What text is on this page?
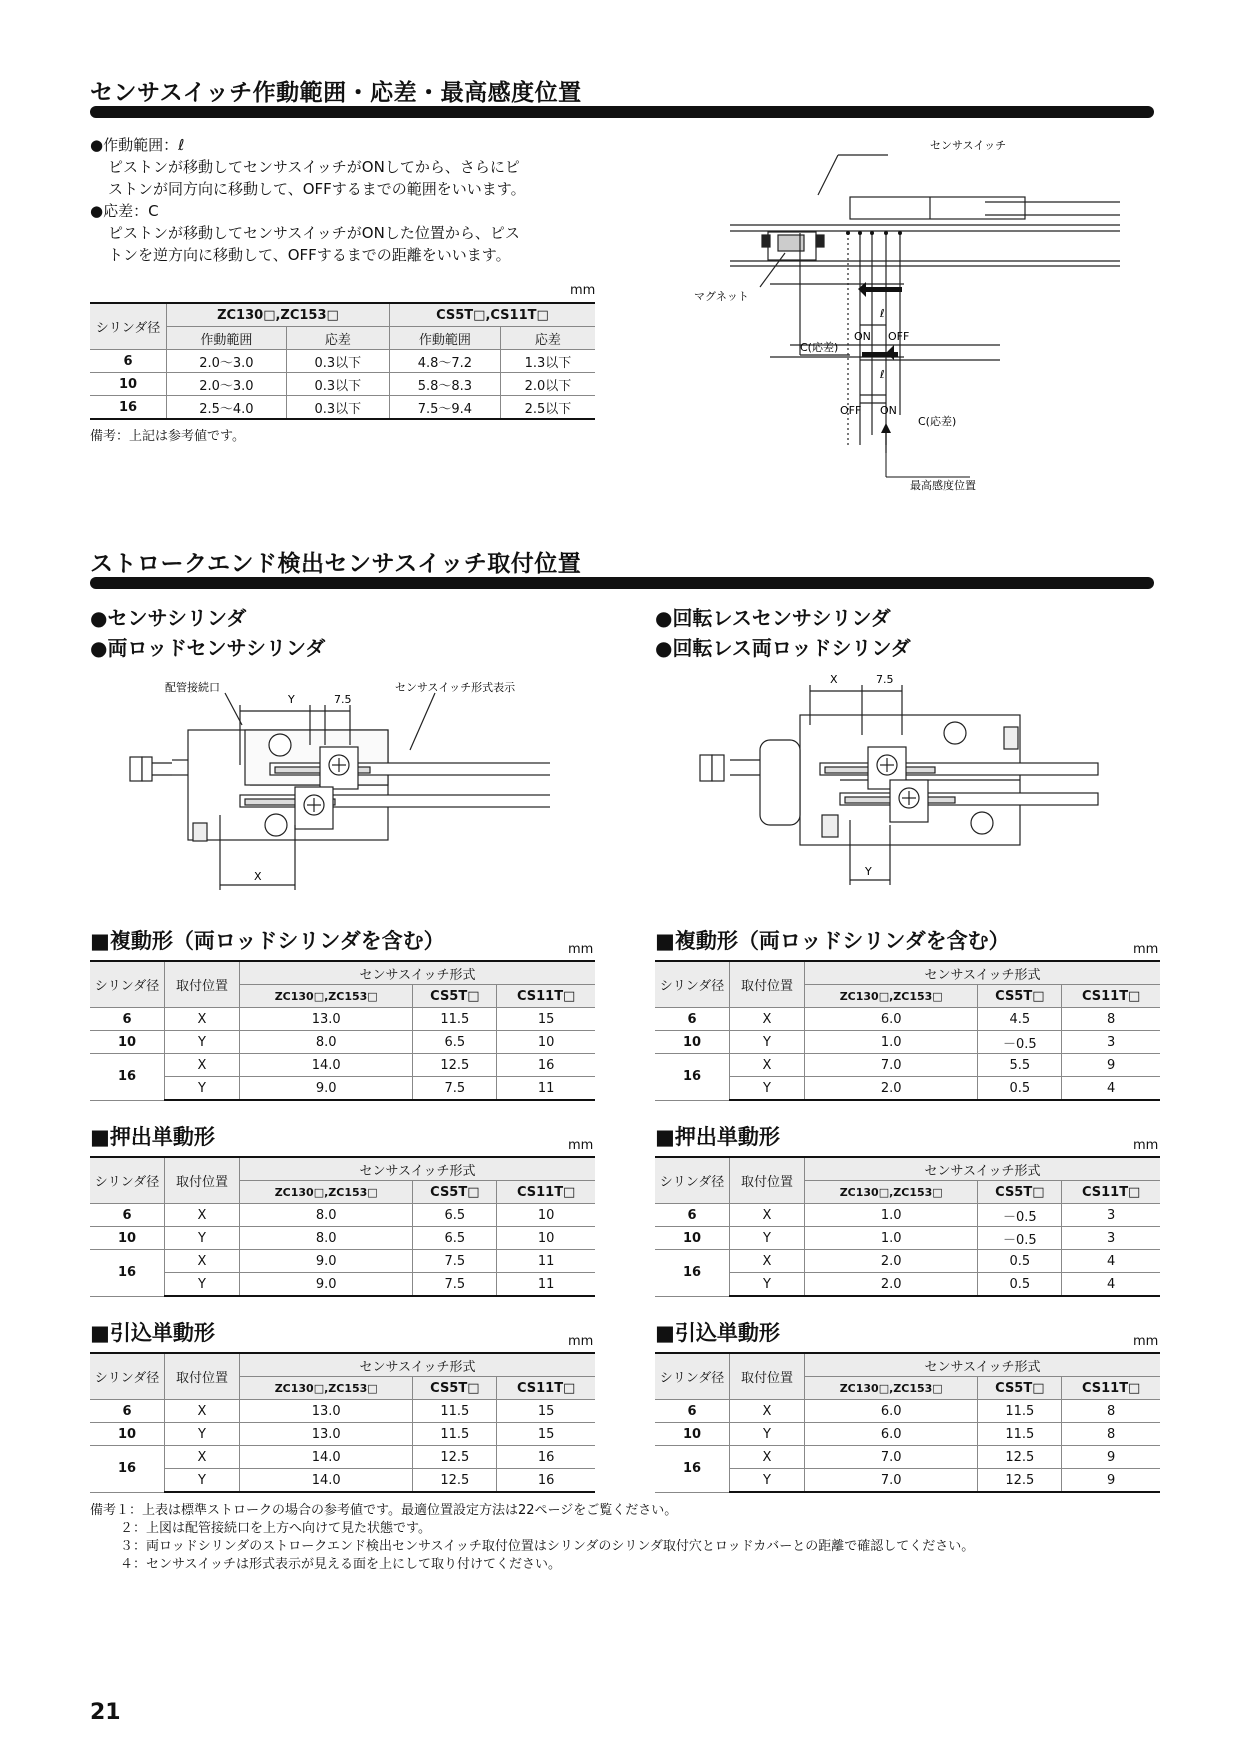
センサスイッチ作動範囲・応差・最高感度位置
●作動範囲：ℓ
ピストンが移動してセンサスイッチがONしてから、さらにピ
ストンが同方向に移動して、OFFするまでの範囲をいいます。
●応差：C
ピストンが移動してセンサスイッチがONした位置から、ピス
トンを逆方向に移動して、OFFするまでの距離をいいます。
mm
シリンダ径	ZC130□,ZC153□		CS5T□,CS11T□	
	作動範囲	応差	作動範囲	応差
6	2.0～3.0	0.3以下	4.8～7.2	1.3以下
10	2.0～3.0	0.3以下	5.8～8.3	2.0以下
16	2.5～4.0	0.3以下	7.5～9.4	2.5以下
備考：上記は参考値です。
センサスイッチ
マグネット
ℓ
ON OFF
C(応差)
ℓ
OFF ON
C(応差)
最高感度位置
ストロークエンド検出センサスイッチ取付位置
●センサシリンダ
●両ロッドセンサシリンダ
●回転レスセンサシリンダ
●回転レス両ロッドシリンダ
配管接続口	センサスイッチ形式表示
Y	7.5
X
X	7.5
Y
■複動形（両ロッドシリンダを含む）	mm
シリンダ径	取付位置	センサスイッチ形式		
		ZC130□,ZC153□	CS5T□	CS11T□
6	X	13.0	11.5	15
10	Y	8.0	6.5	10
16	X	14.0	12.5	16
	Y	9.0	7.5	11
■押出単動形	mm
シリンダ径	取付位置	センサスイッチ形式		
		ZC130□,ZC153□	CS5T□	CS11T□
6	X	8.0	6.5	10
10	Y	8.0	6.5	10
16	X	9.0	7.5	11
	Y	9.0	7.5	11
■引込単動形	mm
シリンダ径	取付位置	センサスイッチ形式		
		ZC130□,ZC153□	CS5T□	CS11T□
6	X	13.0	11.5	15
10	Y	13.0	11.5	15
16	X	14.0	12.5	16
	Y	14.0	12.5	16
■複動形（両ロッドシリンダを含む）	mm
シリンダ径	取付位置	センサスイッチ形式		
		ZC130□,ZC153□	CS5T□	CS11T□
6	X	6.0	4.5	8
10	Y	1.0	－0.5	3
16	X	7.0	5.5	9
	Y	2.0	0.5	4
■押出単動形	mm
シリンダ径	取付位置	センサスイッチ形式		
		ZC130□,ZC153□	CS5T□	CS11T□
6	X	1.0	－0.5	3
10	Y	1.0	－0.5	3
16	X	2.0	0.5	4
	Y	2.0	0.5	4
■引込単動形	mm
シリンダ径	取付位置	センサスイッチ形式		
		ZC130□,ZC153□	CS5T□	CS11T□
6	X	6.0	11.5	8
10	Y	6.0	11.5	8
16	X	7.0	12.5	9
	Y	7.0	12.5	9
備考１：上表は標準ストロークの場合の参考値です。最適位置設定方法は22ページをご覧ください。
２：上図は配管接続口を上方へ向けて見た状態です。
３：両ロッドシリンダのストロークエンド検出センサスイッチ取付位置はシリンダのシリンダ取付穴とロッドカバーとの距離で確認してください。
４：センサスイッチは形式表示が見える面を上にして取り付けてください。
21
